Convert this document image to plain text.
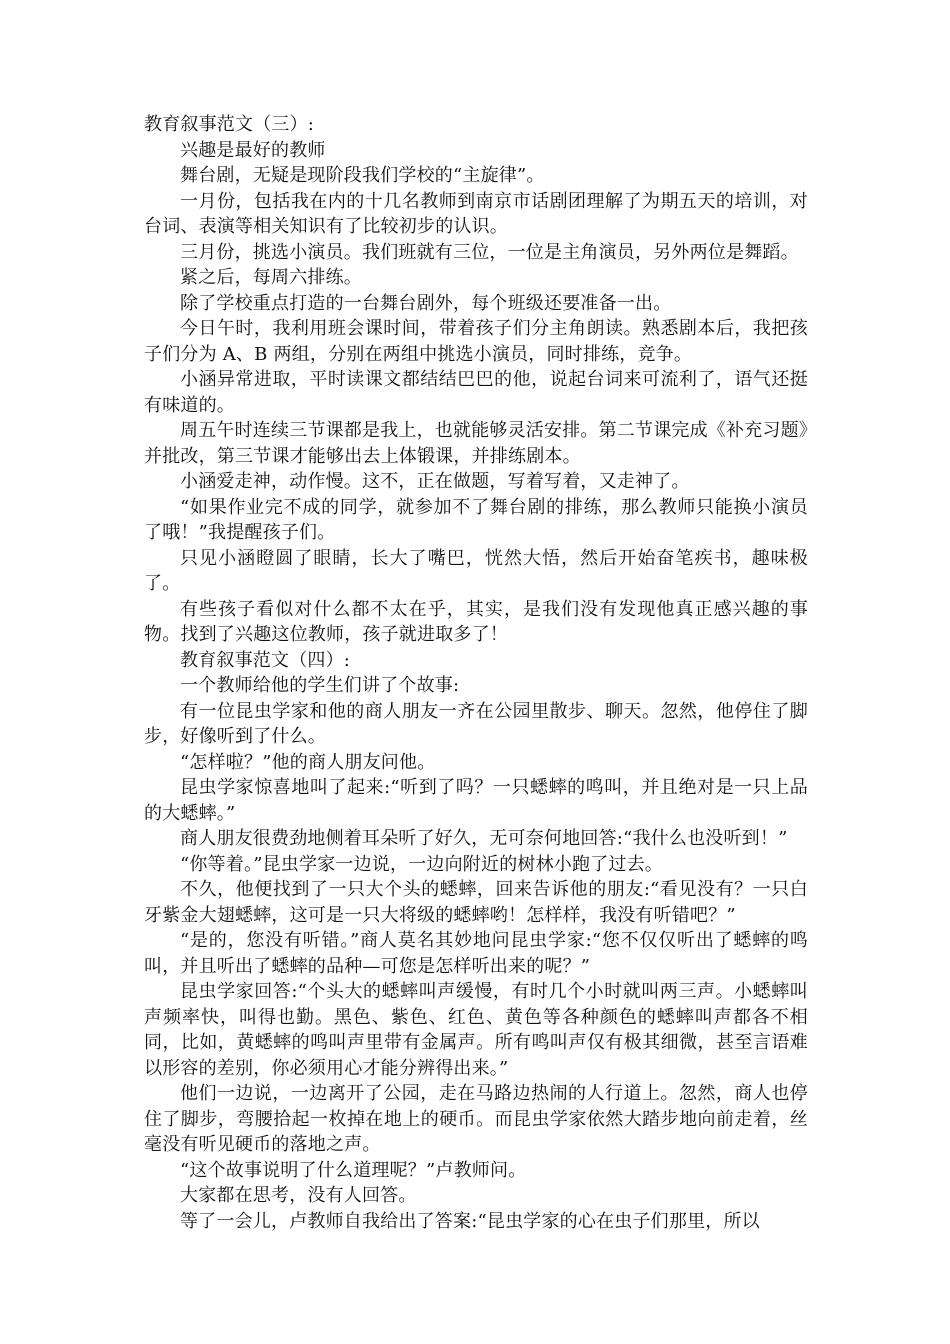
教育叙事范文（三）:

兴趣是最好的教师

舞台剧，无疑是现阶段我们学校的“主旋律”。

一月份，包括我在内的十几名教师到南京市话剧团理解了为期五天的培训，对台词、表演等相关知识有了比较初步的认识。

三月份，挑选小演员。我们班就有三位，一位是主角演员，另外两位是舞蹈。

紧之后，每周六排练。

除了学校重点打造的一台舞台剧外，每个班级还要准备一出。

今日午时，我利用班会课时间，带着孩子们分主角朗读。熟悉剧本后，我把孩子们分为 A、B 两组，分别在两组中挑选小演员，同时排练，竞争。

小涵异常进取，平时读课文都结结巴巴的他，说起台词来可流利了，语气还挺有味道的。

周五午时连续三节课都是我上，也就能够灵活安排。第二节课完成《补充习题》并批改，第三节课才能够出去上体锻课，并排练剧本。

小涵爱走神，动作慢。这不，正在做题，写着写着，又走神了。

“如果作业完不成的同学，就参加不了舞台剧的排练，那么教师只能换小演员了哦！”我提醒孩子们。

只见小涵瞪圆了眼睛，长大了嘴巴，恍然大悟，然后开始奋笔疾书，趣味极了。

有些孩子看似对什么都不太在乎，其实，是我们没有发现他真正感兴趣的事物。找到了兴趣这位教师，孩子就进取多了！

教育叙事范文（四）:

一个教师给他的学生们讲了个故事:

有一位昆虫学家和他的商人朋友一齐在公园里散步、聊天。忽然，他停住了脚步，好像听到了什么。

“怎样啦？”他的商人朋友问他。

昆虫学家惊喜地叫了起来:“听到了吗？一只蟋蟀的鸣叫，并且绝对是一只上品的大蟋蟀。”

商人朋友很费劲地侧着耳朵听了好久，无可奈何地回答:“我什么也没听到！”

“你等着。”昆虫学家一边说，一边向附近的树林小跑了过去。

不久，他便找到了一只大个头的蟋蟀，回来告诉他的朋友:“看见没有？一只白牙紫金大翅蟋蟀，这可是一只大将级的蟋蟀哟！怎样样，我没有听错吧？”

“是的，您没有听错。”商人莫名其妙地问昆虫学家:“您不仅仅听出了蟋蟀的鸣叫，并且听出了蟋蟀的品种—可您是怎样听出来的呢？”

昆虫学家回答:“个头大的蟋蟀叫声缓慢，有时几个小时就叫两三声。小蟋蟀叫声频率快，叫得也勤。黑色、紫色、红色、黄色等各种颜色的蟋蟀叫声都各不相同，比如，黄蟋蟀的鸣叫声里带有金属声。所有鸣叫声仅有极其细微，甚至言语难以形容的差别，你必须用心才能分辨得出来。”

他们一边说，一边离开了公园，走在马路边热闹的人行道上。忽然，商人也停住了脚步，弯腰拾起一枚掉在地上的硬币。而昆虫学家依然大踏步地向前走着，丝毫没有听见硬币的落地之声。

“这个故事说明了什么道理呢？”卢教师问。

大家都在思考，没有人回答。

等了一会儿，卢教师自我给出了答案:“昆虫学家的心在虫子们那里，所以
